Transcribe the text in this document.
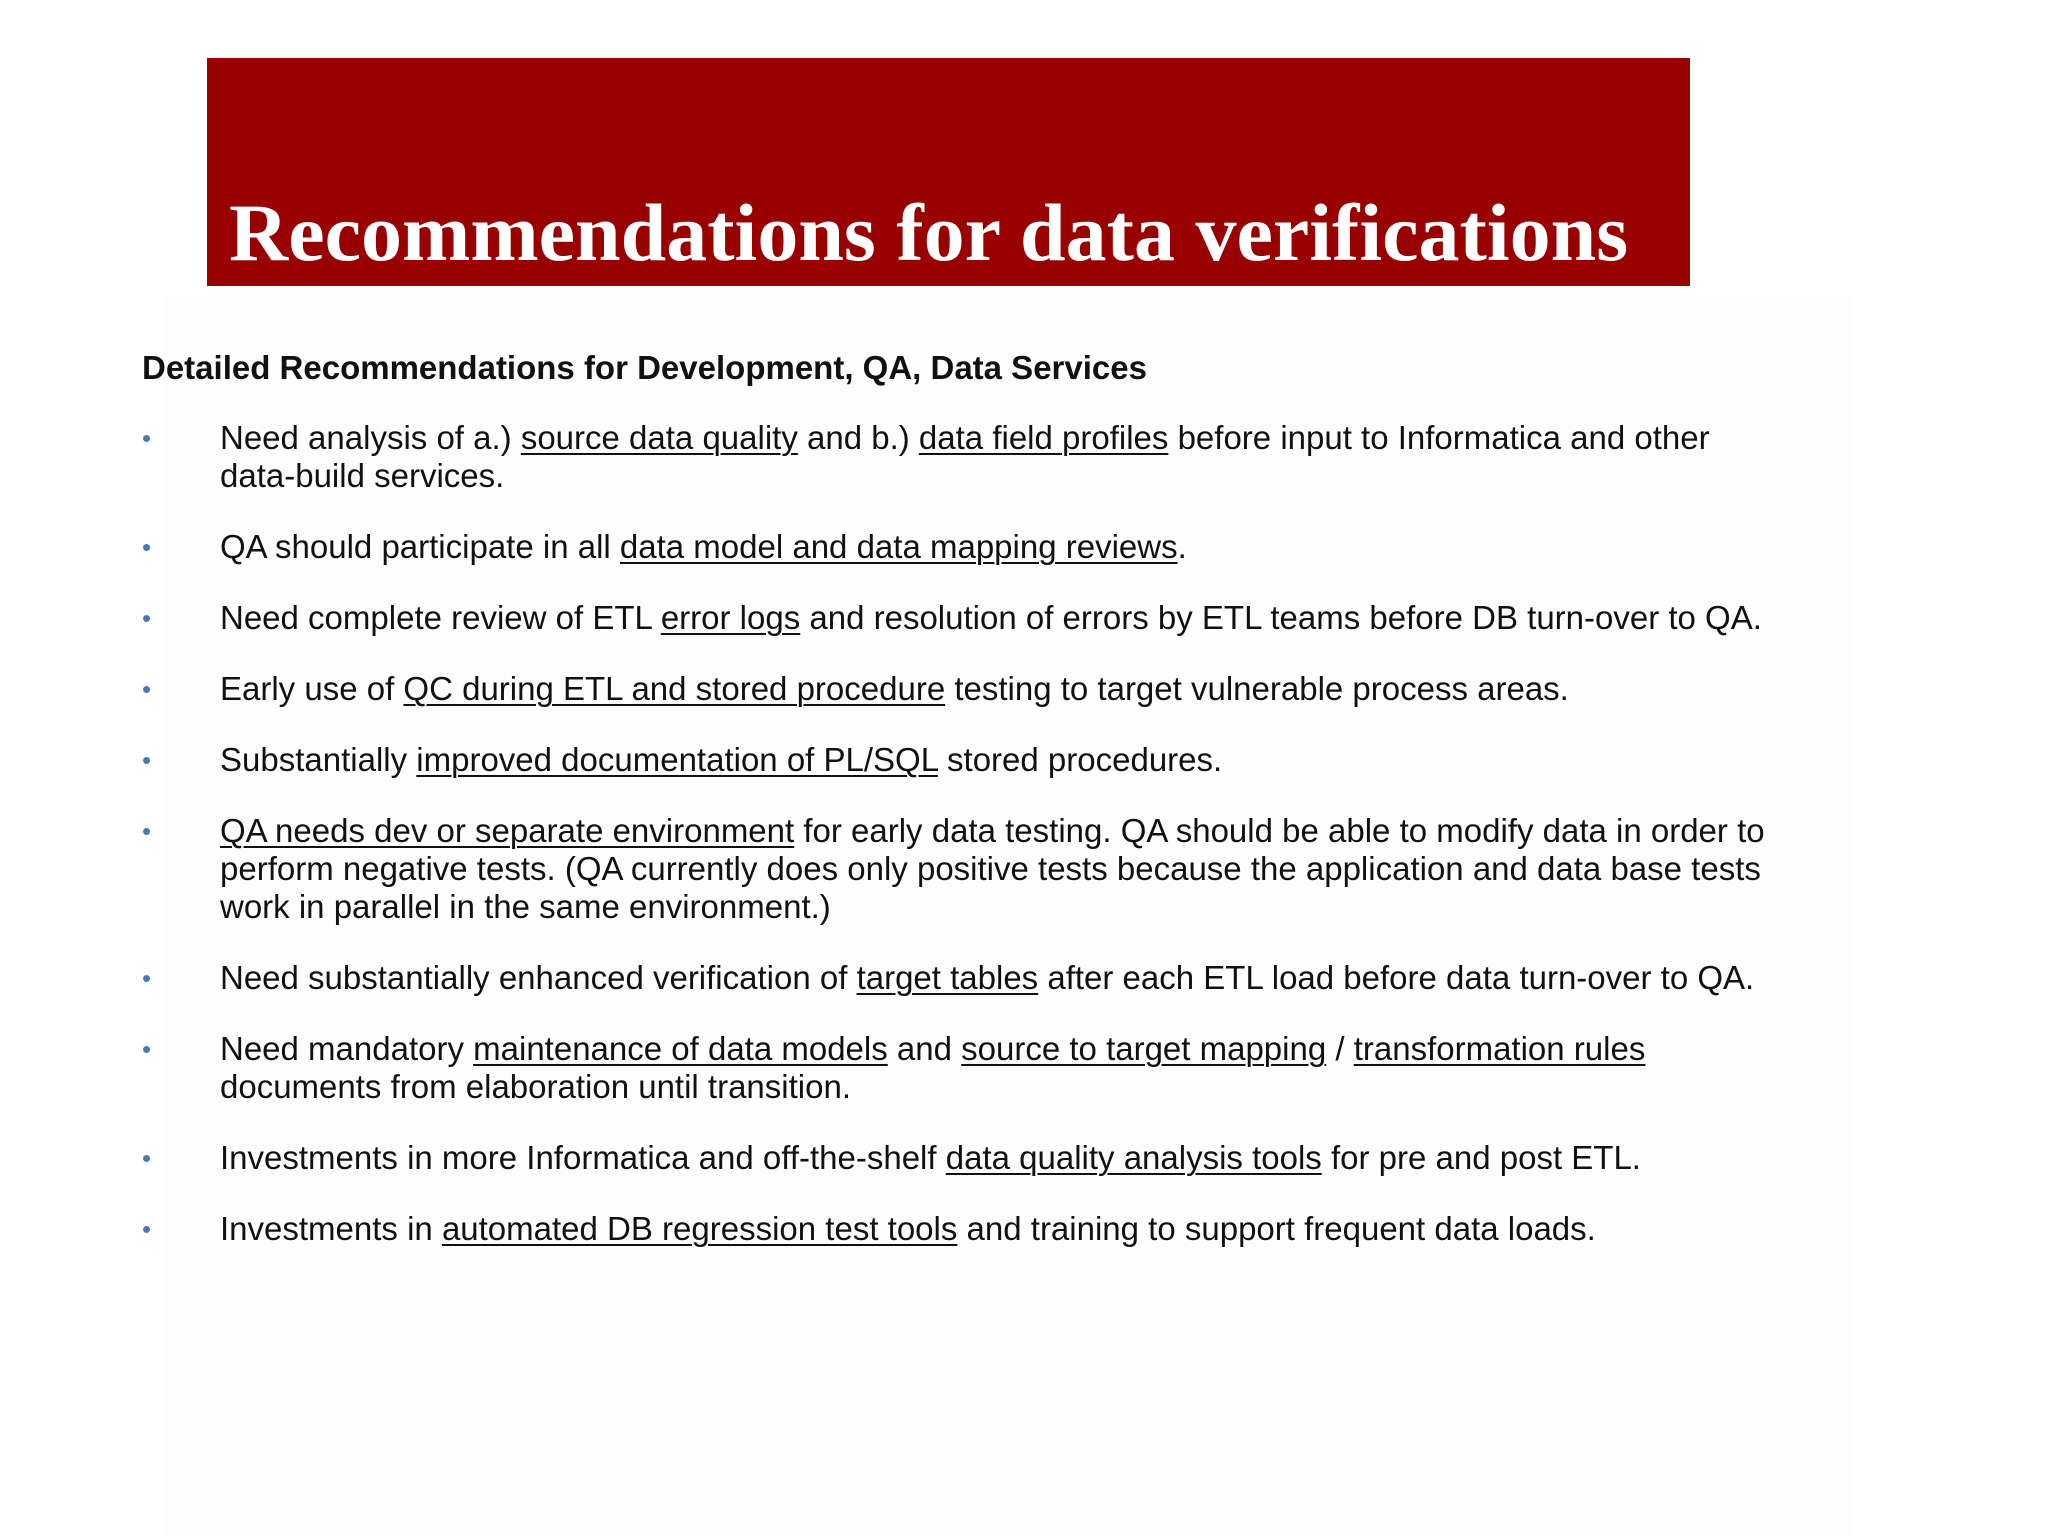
Recommendations for data verifications

Detailed Recommendations for Development, QA, Data Services

• Need analysis of a.) source data quality and b.) data field profiles before input to Informatica and other
data-build services.
• QA should participate in all data model and data mapping reviews.
• Need complete review of ETL error logs and resolution of errors by ETL teams before DB turn-over to QA.
• Early use of QC during ETL and stored procedure testing to target vulnerable process areas.
• Substantially improved documentation of PL/SQL stored procedures.
• QA needs dev or separate environment for early data testing. QA should be able to modify data in order to
perform negative tests. (QA currently does only positive tests because the application and data base tests
work in parallel in the same environment.)
• Need substantially enhanced verification of target tables after each ETL load before data turn-over to QA.
• Need mandatory maintenance of data models and source to target mapping / transformation rules
documents from elaboration until transition.
• Investments in more Informatica and off-the-shelf data quality analysis tools for pre and post ETL.
• Investments in automated DB regression test tools and training to support frequent data loads.
